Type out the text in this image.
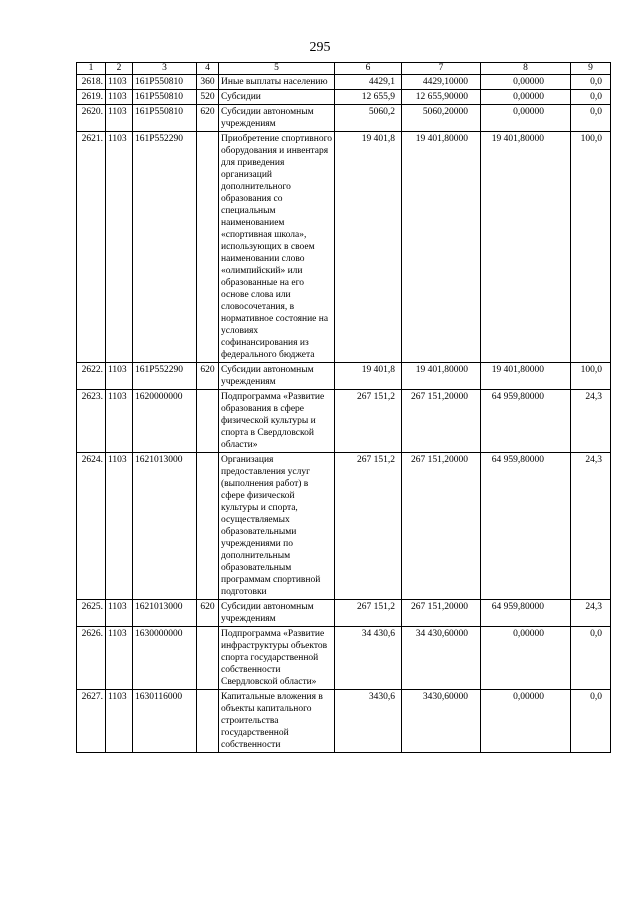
295
1	2	3	4	5	6	7	8	9
2618.	1103	161P550810	360	Иные выплаты населению	4429,1	4429,10000	0,00000	0,0
2619.	1103	161P550810	520	Субсидии	12 655,9	12 655,90000	0,00000	0,0
2620.	1103	161P550810	620	Субсидии автономным учреждениям	5060,2	5060,20000	0,00000	0,0
2621.	1103	161P552290		Приобретение спортивного оборудования и инвентаря для приведения организаций дополнительного образования со специальным наименованием «спортивная школа», использующих в своем наименовании слово «олимпийский» или образованные на его основе слова или словосочетания, в нормативное состояние на условиях софинансирования из федерального бюджета	19 401,8	19 401,80000	19 401,80000	100,0
2622.	1103	161P552290	620	Субсидии автономным учреждениям	19 401,8	19 401,80000	19 401,80000	100,0
2623.	1103	1620000000		Подпрограмма «Развитие образования в сфере физической культуры и спорта в Свердловской области»	267 151,2	267 151,20000	64 959,80000	24,3
2624.	1103	1621013000		Организация предоставления услуг (выполнения работ) в сфере физической культуры и спорта, осуществляемых образовательными учреждениями по дополнительным образовательным программам спортивной подготовки	267 151,2	267 151,20000	64 959,80000	24,3
2625.	1103	1621013000	620	Субсидии автономным учреждениям	267 151,2	267 151,20000	64 959,80000	24,3
2626.	1103	1630000000		Подпрограмма «Развитие инфраструктуры объектов спорта государственной собственности Свердловской области»	34 430,6	34 430,60000	0,00000	0,0
2627.	1103	1630116000		Капитальные вложения в объекты капитального строительства государственной собственности	3430,6	3430,60000	0,00000	0,0
